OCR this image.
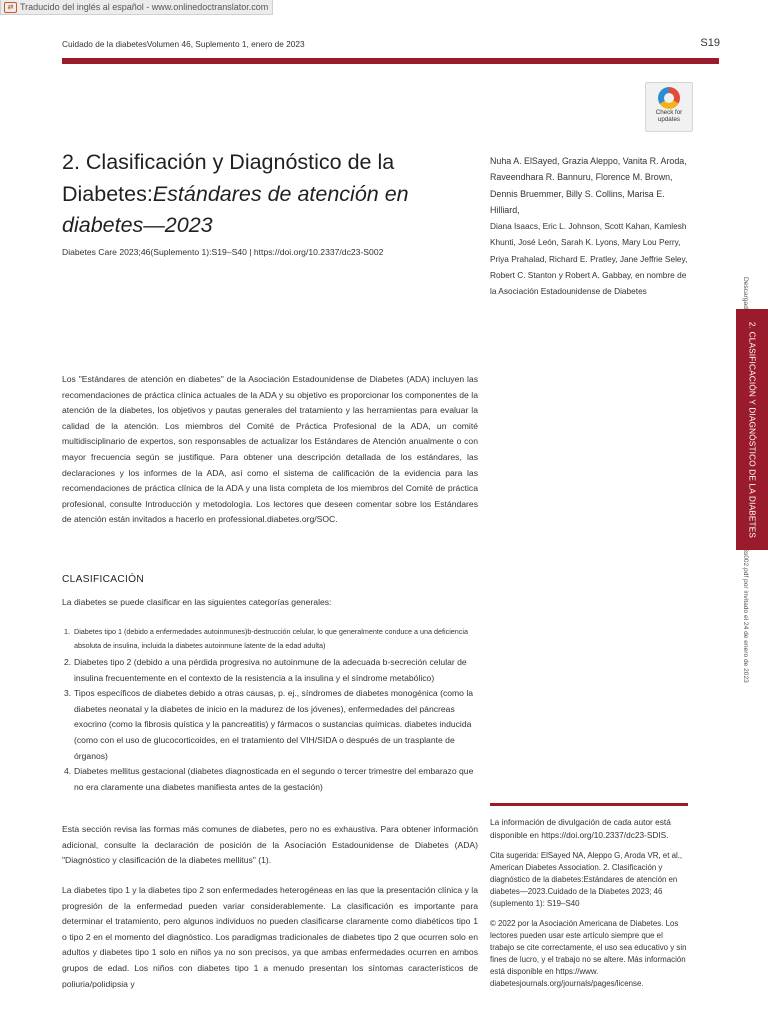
⇄ Traducido del inglés al español - www.onlinedoctranslator.com
Cuidado de la diabetesVolumen 46, Suplemento 1, enero de 2023	S19
Check for
updates
2. Clasificación y Diagnóstico de la Diabetes:Estándares de atención en diabetes—2023
Diabetes Care 2023;46(Suplemento 1):S19–S40 | https://doi.org/10.2337/dc23-S002
Nuha A. ElSayed, Grazia Aleppo, Vanita R. Aroda, Raveendhara R. Bannuru, Florence M. Brown, Dennis Bruemmer, Billy S. Collins, Marisa E. Hilliard,
Diana Isaacs, Eric L. Johnson, Scott Kahan, Kamlesh Khunti, José León, Sarah K. Lyons, Mary Lou Perry, Priya Prahalad, Richard E. Pratley, Jane Jeffrie Seley, Robert C. Stanton y Robert A. Gabbay, en nombre de la Asociación Estadounidense de Diabetes
Los "Estándares de atención en diabetes" de la Asociación Estadounidense de Diabetes (ADA) incluyen las recomendaciones de práctica clínica actuales de la ADA y su objetivo es proporcionar los componentes de la atención de la diabetes, los objetivos y pautas generales del tratamiento y las herramientas para evaluar la calidad de la atención. Los miembros del Comité de Práctica Profesional de la ADA, un comité multidisciplinario de expertos, son responsables de actualizar los Estándares de Atención anualmente o con mayor frecuencia según se justifique. Para obtener una descripción detallada de los estándares, las declaraciones y los informes de la ADA, así como el sistema de calificación de la evidencia para las recomendaciones de práctica clínica de la ADA y una lista completa de los miembros del Comité de práctica profesional, consulte Introducción y metodología. Los lectores que deseen comentar sobre los Estándares de atención están invitados a hacerlo en professional.diabetes.org/SOC.
CLASIFICACIÓN
La diabetes se puede clasificar en las siguientes categorías generales:
1. Diabetes tipo 1 (debido a enfermedades autoinmunes)b-destrucción celular, lo que generalmente conduce a una deficiencia absoluta de insulina, incluida la diabetes autoinmune latente de la edad adulta)
2. Diabetes tipo 2 (debido a una pérdida progresiva no autoinmune de la adecuada b-secreción celular de insulina frecuentemente en el contexto de la resistencia a la insulina y el síndrome metabólico)
3. Tipos específicos de diabetes debido a otras causas, p. ej., síndromes de diabetes monogénica (como la diabetes neonatal y la diabetes de inicio en la madurez de los jóvenes), enfermedades del páncreas exocrino (como la fibrosis quística y la pancreatitis) y fármacos o sustancias químicas. diabetes inducida (como con el uso de glucocorticoides, en el tratamiento del VIH/SIDA o después de un trasplante de órganos)
4. Diabetes mellitus gestacional (diabetes diagnosticada en el segundo o tercer trimestre del embarazo que no era claramente una diabetes manifiesta antes de la gestación)
Esta sección revisa las formas más comunes de diabetes, pero no es exhaustiva. Para obtener información adicional, consulte la declaración de posición de la Asociación Estadounidense de Diabetes (ADA) "Diagnóstico y clasificación de la diabetes mellitus" (1).
La diabetes tipo 1 y la diabetes tipo 2 son enfermedades heterogéneas en las que la presentación clínica y la progresión de la enfermedad pueden variar considerablemente. La clasificación es importante para determinar el tratamiento, pero algunos individuos no pueden clasificarse claramente como diabéticos tipo 1 o tipo 2 en el momento del diagnóstico. Los paradigmas tradicionales de diabetes tipo 2 que ocurren solo en adultos y diabetes tipo 1 solo en niños ya no son precisos, ya que ambas enfermedades ocurren en ambos grupos de edad. Los niños con diabetes tipo 1 a menudo presentan los síntomas característicos de poliuria/polidipsia y

La información de divulgación de cada autor está disponible en https://doi.org/10.2337/dc23-SDIS.

Cita sugerida: ElSayed NA, Aleppo G, Aroda VR, et al., American Diabetes Association. 2. Clasificación y diagnóstico de la diabetes:Estándares de atención en diabetes—2023.Cuidado de la Diabetes 2023; 46 (suplemento 1): S19–S40

© 2022 por la Asociación Americana de Diabetes. Los lectores pueden usar este artículo siempre que el trabajo se cite correctamente, el uso sea educativo y sin fines de lucro, y el trabajo no se altere. Más información está disponible en https://www. diabetesjournals.org/journals/pages/license.

2. CLASIFICACIÓN Y DIAGNÓSTICO DE LA DIABETES
